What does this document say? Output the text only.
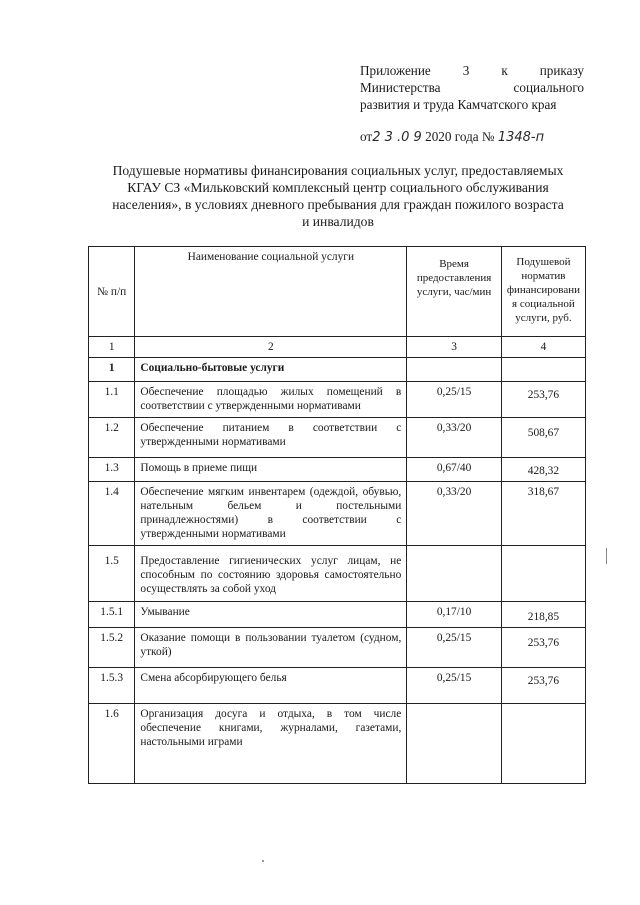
Приложение 3 к приказу
Министерства социального
развития и труда Камчатского края
от2 3 .0 9 2020 года № 1348-п
Подушевые нормативы финансирования социальных услуг, предоставляемых
КГАУ СЗ «Мильковский комплексный центр социального обслуживания
населения», в условиях дневного пребывания для граждан пожилого возраста
и инвалидов
№ п/п	Наименование социальной услуги	Время предоставления услуги, час/мин	Подушевой норматив финансировани я социальной услуги, руб.
1	2	3	4
1	Социально-бытовые услуги		
1.1	Обеспечение площадью жилых помещений в соответствии с утвержденными нормативами	0,25/15	253,76
1.2	Обеспечение питанием в соответствии с утвержденными нормативами	0,33/20	508,67
1.3	Помощь в приеме пищи	0,67/40	428,32
1.4	Обеспечение мягким инвентарем (одеждой, обувью, нательным бельем и постельными принадлежностями) в соответствии с утвержденными нормативами	0,33/20	318,67
1.5	Предоставление гигиенических услуг лицам, не способным по состоянию здоровья самостоятельно осуществлять за собой уход		
1.5.1	Умывание	0,17/10	218,85
1.5.2	Оказание помощи в пользовании туалетом (судном, уткой)	0,25/15	253,76
1.5.3	Смена абсорбирующего белья	0,25/15	253,76
1.6	Организация досуга и отдыха, в том числе обеспечение книгами, журналами, газетами, настольными играми		
